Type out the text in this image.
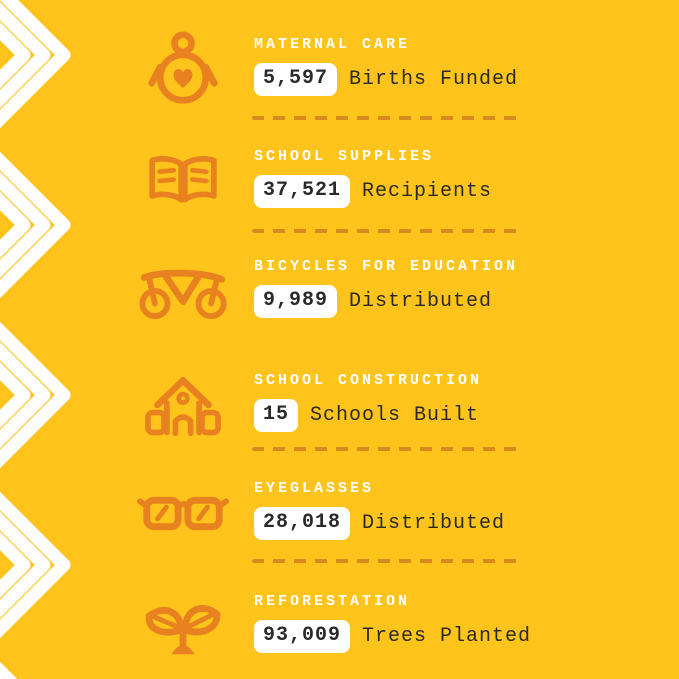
MATERNAL CARE
5,597	Births Funded
SCHOOL SUPPLIES
37,521	Recipients
BICYCLES FOR EDUCATION
9,989	Distributed
SCHOOL CONSTRUCTION
15	Schools Built
EYEGLASSES
28,018	Distributed
REFORESTATION
93,009	Trees Planted
